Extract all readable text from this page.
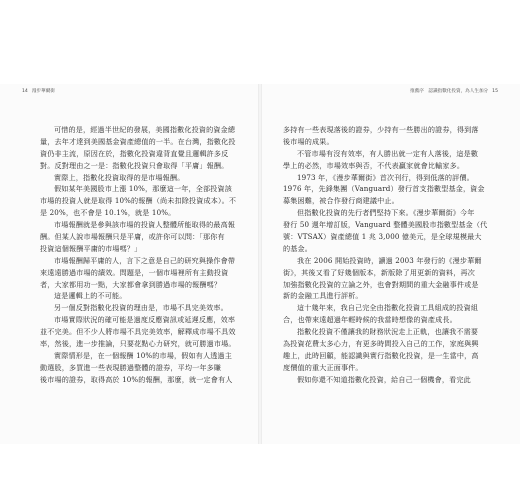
14 漫步華爾街	推薦序　認識指數化投資，為人生加分 15
可惜的是，經過半世紀的發展，美國指數化投資的資金總
量，去年才達到美國基金資產總值的一半。在台灣，指數化投
資仍非主流，原因在於，指數化投資違背直覺且邏輯許多反
對。反對理由之一是：指數化投資只會取得「平庸」報酬。
實際上，指數化投資取得的是市場報酬。
假如某年美國股市上漲 10%，那麼這一年，全部投資該
市場的投資人就是取得 10%的報酬（尚未扣除投資成本）。不
是 20%，也不會是 10.1%，就是 10%。
市場報酬就是參與該市場的投資人整體所能取得的最高報
酬。但某人說市場報酬只是平庸，或許你可以問：「那你有
投資這個報酬平庸的市場嗎？」
市場報酬歸平庸的人，言下之意是自己的研究與操作會帶
來遠遠勝過市場的績效。問題是，一個市場裡所有主動投資
者，大家都用功一點，大家都會拿到勝過市場的報酬嗎？
這是邏輯上的不可能。
另一個反對指數化投資的理由是，市場不具完美效率。
市場實際狀況的確可能是過度反應資訊或延遲反應，效率
並不完美。但不少人將市場不具完美效率，解釋成市場不具效
率，然後，進一步推論，只要花點心力研究，就可勝過市場。
實際情形是，在一個報酬 10%的市場，假如有人透過主
動選股，多買進一些表現勝過整體的證券，平均一年多賺
後市場的證券，取得高於 10%的報酬，那麼，就一定會有人
多持有一些表現落後的證券，少持有一些勝出的證券，得到落
後市場的成果。
不管市場有沒有效率，有人勝出就一定有人落後，這是數
學上的必然，市場效率與否，不代表贏家就會比輸家多。
1973 年，《漫步華爾街》首次刊行，得到低落的評價。
1976 年，先鋒集團（Vanguard）發行首支指數型基金，資金
募集困難，被合作發行商建議中止。
但指數化投資的先行者們堅持下來。《漫步華爾街》今年
發行 50 週年增訂版，Vanguard 整體美國股市指數型基金（代
號：VTSAX）資產總值 1 兆 3,000 億美元，是全球規模最大
的基金。
我在 2006 開始投資時，讀過 2003 年發行的《漫步華爾
街》，其後又看了好幾個版本，新版除了用更新的資料，再次
加強指數化投資的立論之外，也會對期間的重大金融事件或是
新的金融工具進行評析。
這十幾年來，我自己完全由指數化投資工具組成的投資組
合，也帶來遠超過年輕時候的我當時想像的資產成長。
指數化投資不僅讓我的財務狀況走上正軌，也讓我不需要
為投資花費太多心力，有更多時間投入自己的工作，家庭與興
趣上，此時回顧，能認識與實行指數化投資，是一生當中，高
度價值的重大正面事件。
假如你還不知道指數化投資，給自己一個機會，看完此
